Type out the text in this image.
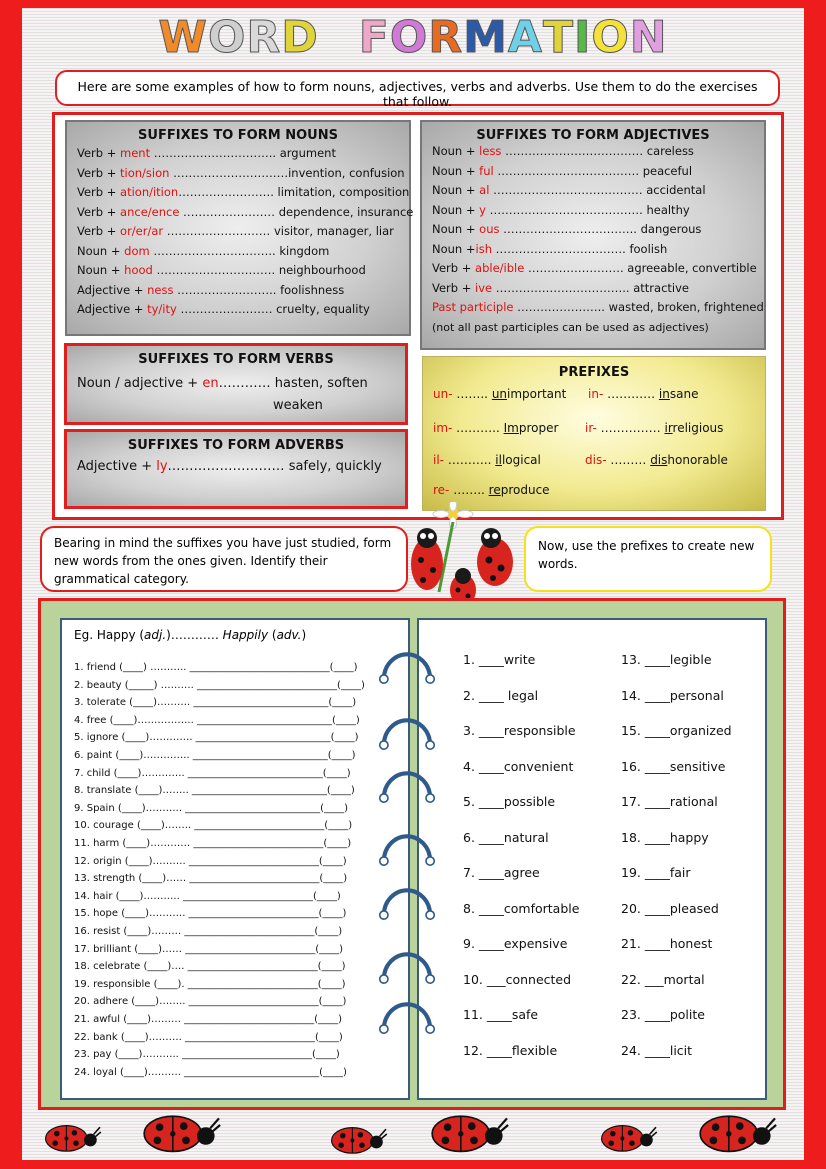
WORD FORMATION
Here are some examples of how to form nouns, adjectives, verbs and adverbs. Use them to do the exercises that follow.
SUFFIXES TO FORM NOUNS
Verb + ment ………………………….. argument
Verb + tion/sion …………………………invention, confusion
Verb + ation/ition……………………. limitation, composition
Verb + ance/ence …………………… dependence, insurance
Verb + or/er/ar ……………………… visitor, manager, liar
Noun + dom ………………………….. kingdom
Noun + hood …………………………. neighbourhood
Adjective + ness …………………….. foolishness
Adjective + ty/ity …………………… cruelty, equality
SUFFIXES TO FORM ADJECTIVES
Noun + less ……………………………… careless
Noun + ful ………………………………. peaceful
Noun + al ………………………………… accidental
Noun + y …………………………………. healthy
Noun + ous …………………………….. dangerous
Noun +ish ……………………………. foolish
Verb + able/ible ……………………. agreeable, convertible
Verb + ive …………………………….. attractive
Past participle ………………….. wasted, broken, frightened
(not all past participles can be used as adjectives)
SUFFIXES TO FORM VERBS
Noun / adjective + en………… hasten, soften
weaken
SUFFIXES TO FORM ADVERBS
Adjective + ly……………………… safely, quickly
PREFIXES
un- …….. unimportant in- ………… insane
im- ……….. Improper ir- …………… irreligious
il- ……….. illogical	dis- ……… dishonorable
re- …….. reproduce
Bearing in mind the suffixes you have just studied, form new words from the ones given. Identify their grammatical category.
Now, use the prefixes to create new words.
Eg. Happy (adj.)………… Happily (adv.)
1. friend (____) ……….. ____________________________(____)
2. beauty (_____) ………. ____________________________(____)
3. tolerate (____)………. ___________________________(____)
4. free (____)…………….. ___________________________(____)
5. ignore (____)…………. ___________________________(____)
6. paint (____)………….. ___________________________(____)
7. child (____)…………. ___________________________(____)
8. translate (____)…….. ___________________________(____)
9. Spain (____)……….. ___________________________(____)
10. courage (____)…….. __________________________(____)
11. harm (____)………… __________________________(____)
12. origin (____)………. __________________________(____)
13. strength (____)…… __________________________(____)
14. hair (____)……….. __________________________(____)
15. hope (____)……….. __________________________(____)
16. resist (____)……… __________________________(____)
17. brilliant (____)…… __________________________(____)
18. celebrate (____)…. __________________________(____)
19. responsible (____). __________________________(____)
20. adhere (____)…….. __________________________(____)
21. awful (____)……… __________________________(____)
22. bank (____)………. __________________________(____)
23. pay (____)……….. __________________________(____)
24. loyal (____)………. ___________________________(____)
1. ____write
2. ____ legal
3. ____responsible
4. ____convenient
5. ____possible
6. ____natural
7. ____agree
8. ____comfortable
9. ____expensive
10. ___connected
11. ____safe
12. ____flexible
13. ____legible
14. ____personal
15. ____organized
16. ____sensitive
17. ____rational
18. ____happy
19. ____fair
20. ____pleased
21. ____honest
22. ___mortal
23. ____polite
24. ____licit
